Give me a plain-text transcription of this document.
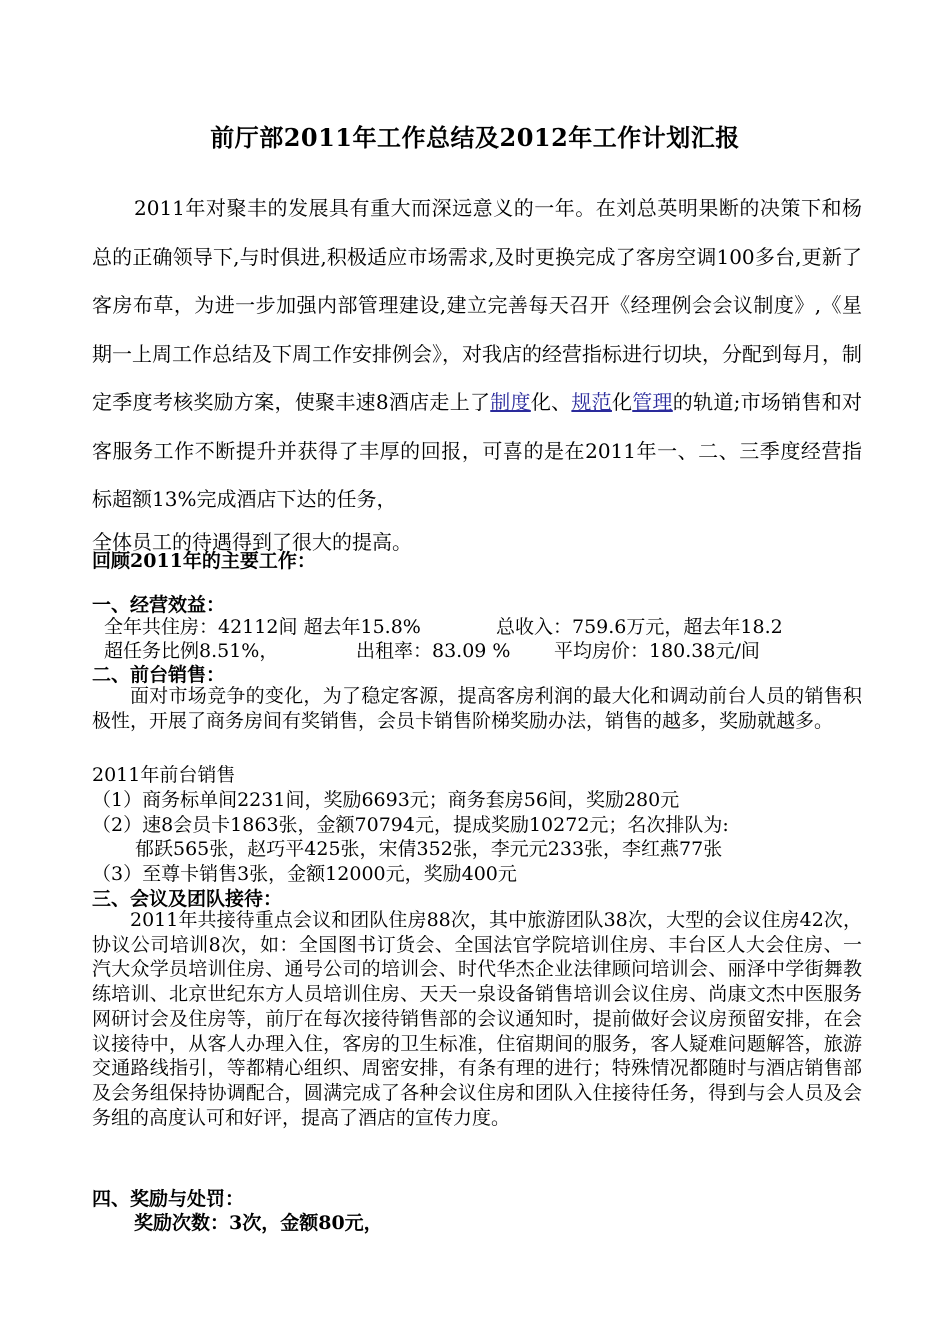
前厅部2011年工作总结及2012年工作计划汇报
2011年对聚丰的发展具有重大而深远意义的一年。在刘总英明果断的决策下和杨总的正确领导下,与时俱进,积极适应市场需求,及时更换完成了客房空调100多台,更新了客房布草，为进一步加强内部管理建设,建立完善每天召开《经理例会会议制度》,《星期一上周工作总结及下周工作安排例会》，对我店的经营指标进行切块，分配到每月，制定季度考核奖励方案，使聚丰速8酒店走上了制度化、规范化管理的轨道;市场销售和对客服务工作不断提升并获得了丰厚的回报，可喜的是在2011年一、二、三季度经营指标超额13%完成酒店下达的任务，
全体员工的待遇得到了很大的提高。
回顾2011年的主要工作：
一、经营效益：
全年共住房：42112间 超去年15.8%	总收入：759.6万元，超去年18.2
超任务比例8.51%，	出租率：83.09 % 平均房价：180.38元/间
二、前台销售：
面对市场竞争的变化，为了稳定客源，提高客房利润的最大化和调动前台人员的销售积极性，开展了商务房间有奖销售，会员卡销售阶梯奖励办法，销售的越多，奖励就越多。
2011年前台销售
（1）商务标单间2231间，奖励6693元；商务套房56间，奖励280元
（2）速8会员卡1863张，金额70794元，提成奖励10272元；名次排队为:
郁跃565张，赵巧平425张，宋倩352张，李元元233张，李红燕77张
（3）至尊卡销售3张，金额12000元，奖励400元
三、会议及团队接待：
2011年共接待重点会议和团队住房88次，其中旅游团队38次，大型的会议住房42次，协议公司培训8次，如：全国图书订货会、全国法官学院培训住房、丰台区人大会住房、一汽大众学员培训住房、通号公司的培训会、时代华杰企业法律顾问培训会、丽泽中学街舞教练培训、北京世纪东方人员培训住房、天天一泉设备销售培训会议住房、尚康文杰中医服务网研讨会及住房等，前厅在每次接待销售部的会议通知时，提前做好会议房预留安排，在会议接待中，从客人办理入住，客房的卫生标准，住宿期间的服务，客人疑难问题解答，旅游交通路线指引，等都精心组织、周密安排，有条有理的进行；特殊情况都随时与酒店销售部及会务组保持协调配合，圆满完成了各种会议住房和团队入住接待任务，得到与会人员及会务组的高度认可和好评，提高了酒店的宣传力度。
四、奖励与处罚：
奖励次数：3次，金额80元，
